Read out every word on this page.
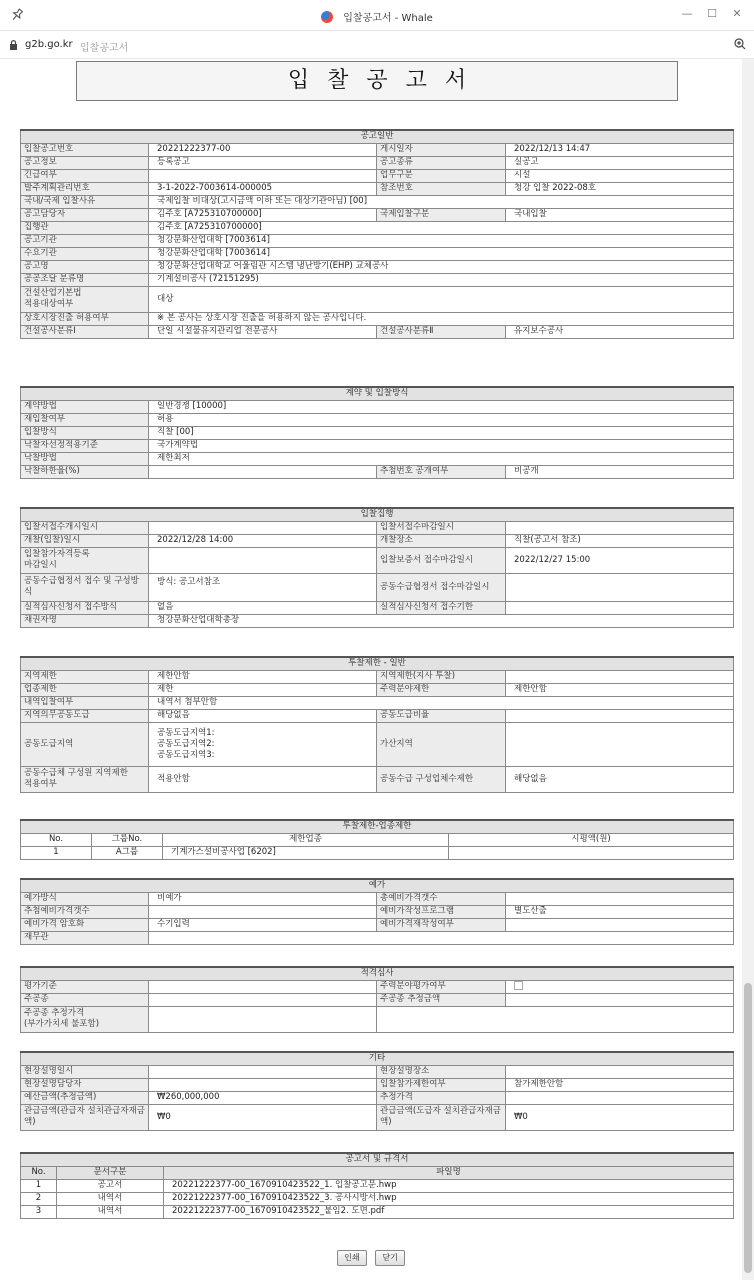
입찰공고서 - Whale	—	☐	✕
g2b.go.kr 입찰공고서
입찰공고서
공고일반			
입찰공고번호	20221222377-00	게시일자	2022/12/13 14:47
공고정보	등록공고	공고종류	실공고
긴급여부		업무구분	시설
발주계획관리번호	3-1-2022-7003614-000005	참조번호	청강 입찰 2022-08호
국내/국제 입찰사유	국제입찰 비대상(고시금액 이하 또는 대상기관아님) [00]		
공고담당자	김주호 [A725310700000]	국제입찰구분	국내입찰
집행관	김주호 [A725310700000]		
공고기관	청강문화산업대학 [7003614]		
수요기관	청강문화산업대학 [7003614]		
공고명	청강문화산업대학교 어울림관 시스템 냉난방기(EHP) 교체공사		
공공조달 분류명	기계설비공사 (72151295)		
건설산업기본법
적용대상여부	대상		
상호시장진출 허용여부	※ 본 공사는 상호시장 진출을 허용하지 않는 공사입니다.		
건설공사분류Ⅰ	단일 시설물유지관리업 전문공사	건설공사분류Ⅱ	유지보수공사
계약 및 입찰방식			
계약방법	일반경쟁 [10000]		
재입찰여부	허용		
입찰방식	직찰 [00]		
낙찰자선정적용기준	국가계약법		
낙찰방법	제한최저		
낙찰하한율(%)		추첨번호 공개여부	비공개
입찰집행			
입찰서접수개시일시		입찰서접수마감일시	
개찰(입찰)일시	2022/12/28 14:00	개찰장소	직찰(공고서 참조)
입찰참가자격등록
마감일시		입찰보증서 접수마감일시	2022/12/27 15:00
공동수급협정서 접수 및 구성방식	방식: 공고서참조	공동수급협정서 접수마감일시	
실적심사신청서 접수방식	없음	실적심사신청서 접수기한	
채권자명	청강문화산업대학총장		
투찰제한 - 일반			
지역제한	제한안함	지역제한(지사 투찰)	
업종제한	제한	주력분야제한	제한안함
내역입찰여부	내역서 첨부안함		
지역의무공동도급	해당없음	공동도급비율	
공동도급지역	공동도급지역1:
공동도급지역2:
공동도급지역3:	가산지역	
공동수급체 구성원 지역제한
적용여부	적용안함	공동수급 구성업체수제한	해당없음
투찰제한-업종제한			
No.	그룹No.	제한업종	시평액(원)
1	A그룹	기계가스설비공사업 [6202]	
예가			
예가방식	비예가	총예비가격갯수	
추첨예비가격갯수		예비가작성프로그램	별도산출
예비가격 암호화	수기입력	예비가격재작성여부	
재무관			
적격심사			
평가기준		주력분야평가여부	
주공종		주공종 추정금액	
주공종 추정가격
(부가가치세 불포함)			
기타			
현장설명일시		현장설명장소	
현장설명담당자		입찰참가제한여부	참가제한안함
예산금액(추정금액)	₩260,000,000	추정가격	
관급금액(관급자 설치관급자재금액)	₩0	관급금액(도급자 설치관급자재금액)	₩0
공고서 및 규격서		
No.	문서구분	파일명
1	공고서	20221222377-00_1670910423522_1. 입찰공고문.hwp
2	내역서	20221222377-00_1670910423522_3. 공사시방서.hwp
3	내역서	20221222377-00_1670910423522_붙임2. 도면.pdf
인쇄	닫기
